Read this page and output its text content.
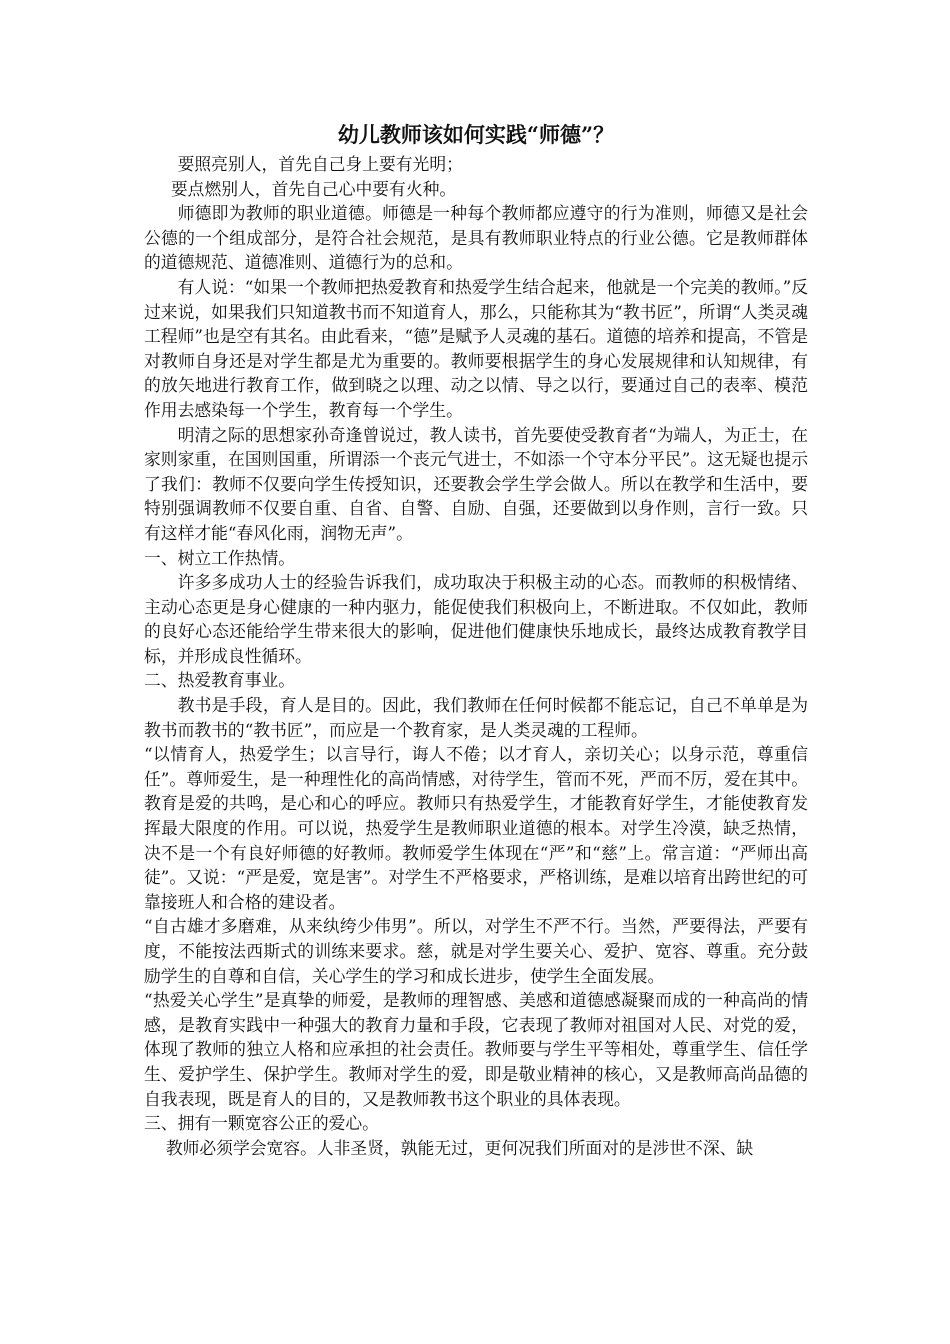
幼儿教师该如何实践“师德”？

要照亮别人，首先自己身上要有光明；

要点燃别人，首先自己心中要有火种。

师德即为教师的职业道德。师德是一种每个教师都应遵守的行为准则，师德又是社会公德的一个组成部分，是符合社会规范，是具有教师职业特点的行业公德。它是教师群体的道德规范、道德准则、道德行为的总和。

有人说：“如果一个教师把热爱教育和热爱学生结合起来，他就是一个完美的教师。”反过来说，如果我们只知道教书而不知道育人，那么，只能称其为“教书匠”，所谓“人类灵魂工程师”也是空有其名。由此看来，“德”是赋予人灵魂的基石。道德的培养和提高，不管是对教师自身还是对学生都是尤为重要的。教师要根据学生的身心发展规律和认知规律，有的放矢地进行教育工作，做到晓之以理、动之以情、导之以行，要通过自己的表率、模范作用去感染每一个学生，教育每一个学生。

明清之际的思想家孙奇逢曾说过，教人读书，首先要使受教育者“为端人，为正士，在家则家重，在国则国重，所谓添一个丧元气进士，不如添一个守本分平民”。这无疑也提示了我们：教师不仅要向学生传授知识，还要教会学生学会做人。所以在教学和生活中，要特别强调教师不仅要自重、自省、自警、自励、自强，还要做到以身作则，言行一致。只有这样才能“春风化雨，润物无声”。

一、树立工作热情。

许多多成功人士的经验告诉我们，成功取决于积极主动的心态。而教师的积极情绪、主动心态更是身心健康的一种内驱力，能促使我们积极向上，不断进取。不仅如此，教师的良好心态还能给学生带来很大的影响，促进他们健康快乐地成长，最终达成教育教学目标，并形成良性循环。

二、热爱教育事业。

教书是手段，育人是目的。因此，我们教师在任何时候都不能忘记，自己不单单是为教书而教书的“教书匠”，而应是一个教育家，是人类灵魂的工程师。

“以情育人，热爱学生；以言导行，诲人不倦；以才育人，亲切关心；以身示范，尊重信任”。尊师爱生，是一种理性化的高尚情感，对待学生，管而不死，严而不厉，爱在其中。教育是爱的共鸣，是心和心的呼应。教师只有热爱学生，才能教育好学生，才能使教育发挥最大限度的作用。可以说，热爱学生是教师职业道德的根本。对学生冷漠，缺乏热情，决不是一个有良好师德的好教师。教师爱学生体现在“严”和“慈”上。常言道：“严师出高徒”。又说：“严是爱，宽是害”。对学生不严格要求，严格训练，是难以培育出跨世纪的可靠接班人和合格的建设者。

“自古雄才多磨难，从来纨绔少伟男”。所以，对学生不严不行。当然，严要得法，严要有度，不能按法西斯式的训练来要求。慈，就是对学生要关心、爱护、宽容、尊重。充分鼓励学生的自尊和自信，关心学生的学习和成长进步，使学生全面发展。

“热爱关心学生”是真挚的师爱，是教师的理智感、美感和道德感凝聚而成的一种高尚的情感，是教育实践中一种强大的教育力量和手段，它表现了教师对祖国对人民、对党的爱，体现了教师的独立人格和应承担的社会责任。教师要与学生平等相处，尊重学生、信任学生、爱护学生、保护学生。教师对学生的爱，即是敬业精神的核心，又是教师高尚品德的自我表现，既是育人的目的，又是教师教书这个职业的具体表现。

三、拥有一颗宽容公正的爱心。

教师必须学会宽容。人非圣贤，孰能无过，更何况我们所面对的是涉世不深、缺
